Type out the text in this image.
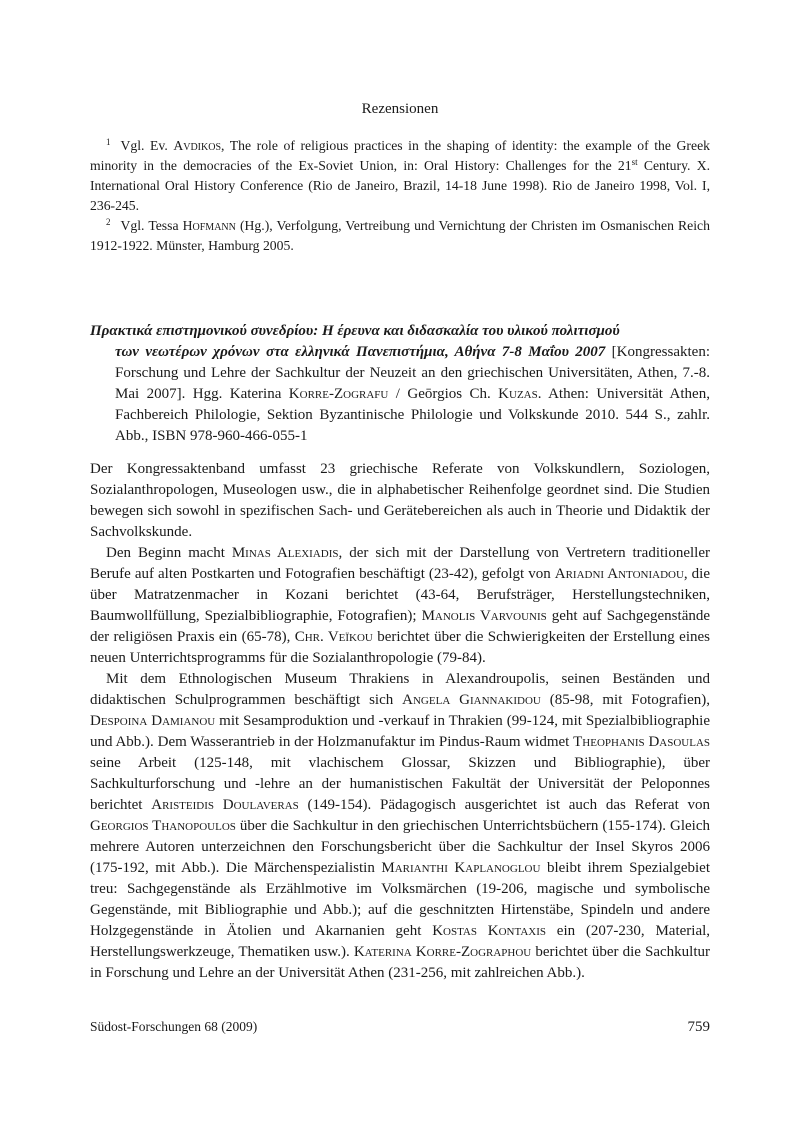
Rezensionen

$^1$ Vgl. Ev. Avdikos, The role of religious practices in the shaping of identity: the example of the Greek minority in the democracies of the Ex-Soviet Union, in: Oral History: Challenges for the 21st Century. X. International Oral History Conference (Rio de Janeiro, Brazil, 14-18 June 1998). Rio de Janeiro 1998, Vol. I, 236-245.

$^2$ Vgl. Tessa Hofmann (Hg.), Verfolgung, Vertreibung und Vernichtung der Christen im Osmanischen Reich 1912-1922. Münster, Hamburg 2005.

Πρακτικά επιστημονικού συνεδρίου: Η έρευνα και διδασκαλία του υλικού πολιτισμού

των νεωτέρων χρόνων στα ελληνικά Πανεπιστήμια, Αθήνα 7-8 Μαΐου 2007 [Kongressakten: Forschung und Lehre der Sachkultur der Neuzeit an den griechischen Universitäten, Athen, 7.-8. Mai 2007]. Hgg. Katerina Korre-Zografu / Geōrgios Ch. Kuzas. Athen: Universität Athen, Fachbereich Philologie, Sektion Byzantinische Philologie und Volkskunde 2010. 544 S., zahlr. Abb., ISBN 978-960-466-055-1

Der Kongressaktenband umfasst 23 griechische Referate von Volkskundlern, Soziologen, Sozialanthropologen, Museologen usw., die in alphabetischer Reihenfolge geordnet sind. Die Studien bewegen sich sowohl in spezifischen Sach- und Gerätebereichen als auch in Theorie und Didaktik der Sachvolkskunde.

Den Beginn macht Minas Alexiadis, der sich mit der Darstellung von Vertretern traditioneller Berufe auf alten Postkarten und Fotografien beschäftigt (23-42), gefolgt von Ariadni Antoniadou, die über Matratzenmacher in Kozani berichtet (43-64, Berufsträger, Herstellungstechniken, Baumwollfüllung, Spezialbibliographie, Fotografien); Manolis Varvounis geht auf Sachgegenstände der religiösen Praxis ein (65-78), Chr. Veïkou berichtet über die Schwierigkeiten der Erstellung eines neuen Unterrichtsprogramms für die Sozialanthropologie (79-84).

Mit dem Ethnologischen Museum Thrakiens in Alexandroupolis, seinen Beständen und didaktischen Schulprogrammen beschäftigt sich Angela Giannakidou (85-98, mit Fotografien), Despoina Damianou mit Sesamproduktion und -verkauf in Thrakien (99-124, mit Spezialbibliographie und Abb.). Dem Wasserantrieb in der Holzmanufaktur im Pindus-Raum widmet Theophanis Dasoulas seine Arbeit (125-148, mit vlachischem Glossar, Skizzen und Bibliographie), über Sachkulturforschung und -lehre an der humanistischen Fakultät der Universität der Peloponnes berichtet Aristeidis Doulaveras (149-154). Pädagogisch ausgerichtet ist auch das Referat von Georgios Thanopoulos über die Sachkultur in den griechischen Unterrichtsbüchern (155-174). Gleich mehrere Autoren unterzeichnen den Forschungsbericht über die Sachkultur der Insel Skyros 2006 (175-192, mit Abb.). Die Märchenspezialistin Marianthi Kaplanoglou bleibt ihrem Spezialgebiet treu: Sachgegenstände als Erzählmotive im Volksmärchen (19-206, magische und symbolische Gegenstände, mit Bibliographie und Abb.); auf die geschnitzten Hirtenstäbe, Spindeln und andere Holzgegenstände in Ätolien und Akarnanien geht Kostas Kontaxis ein (207-230, Material, Herstellungswerkzeuge, Thematiken usw.). Katerina Korre-Zographou berichtet über die Sachkultur in Forschung und Lehre an der Universität Athen (231-256, mit zahlreichen Abb.).

Südost-Forschungen 68 (2009)	759
